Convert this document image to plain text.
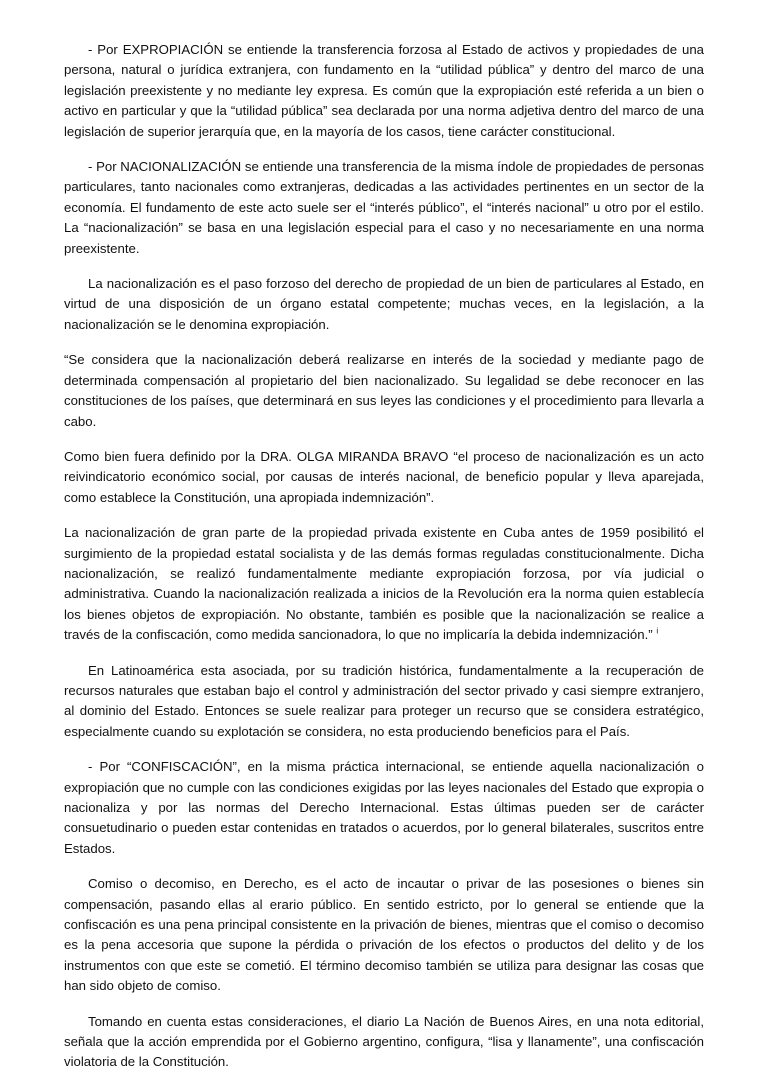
- Por EXPROPIACIÓN se entiende la transferencia forzosa al Estado de activos y propiedades de una persona, natural o jurídica extranjera, con fundamento en la “utilidad pública” y dentro del marco de una legislación preexistente y no mediante ley expresa. Es común que la expropiación esté referida a un bien o activo en particular y que la “utilidad pública” sea declarada por una norma adjetiva dentro del marco de una legislación de superior jerarquía que, en la mayoría de los casos, tiene carácter constitucional.

- Por NACIONALIZACIÓN se entiende una transferencia de la misma índole de propiedades de personas particulares, tanto nacionales como extranjeras, dedicadas a las actividades pertinentes en un sector de la economía. El fundamento de este acto suele ser el “interés público”, el “interés nacional” u otro por el estilo. La “nacionalización” se basa en una legislación especial para el caso y no necesariamente en una norma preexistente.

La nacionalización es el paso forzoso del derecho de propiedad de un bien de particulares al Estado, en virtud de una disposición de un órgano estatal competente; muchas veces, en la legislación, a la nacionalización se le denomina expropiación.

“Se considera que la nacionalización deberá realizarse en interés de la sociedad y mediante pago de determinada compensación al propietario del bien nacionalizado. Su legalidad se debe reconocer en las constituciones de los países, que determinará en sus leyes las condiciones y el procedimiento para llevarla a cabo.

Como bien fuera definido por la DRA. OLGA MIRANDA BRAVO “el proceso de nacionalización es un acto reivindicatorio económico social, por causas de interés nacional, de beneficio popular y lleva aparejada, como establece la Constitución, una apropiada indemnización”.

La nacionalización de gran parte de la propiedad privada existente en Cuba antes de 1959 posibilitó el surgimiento de la propiedad estatal socialista y de las demás formas reguladas constitucionalmente. Dicha nacionalización, se realizó fundamentalmente mediante expropiación forzosa, por vía judicial o administrativa. Cuando la nacionalización realizada a inicios de la Revolución era la norma quien establecía los bienes objetos de expropiación. No obstante, también es posible que la nacionalización se realice a través de la confiscación, como medida sancionadora, lo que no implicaría la debida indemnización.” $^i$

En Latinoamérica esta asociada, por su tradición histórica, fundamentalmente a la recuperación de recursos naturales que estaban bajo el control y administración del sector privado y casi siempre extranjero, al dominio del Estado. Entonces se suele realizar para proteger un recurso que se considera estratégico, especialmente cuando su explotación se considera, no esta produciendo beneficios para el País.

- Por “CONFISCACIÓN”, en la misma práctica internacional, se entiende aquella nacionalización o expropiación que no cumple con las condiciones exigidas por las leyes nacionales del Estado que expropia o nacionaliza y por las normas del Derecho Internacional. Estas últimas pueden ser de carácter consuetudinario o pueden estar contenidas en tratados o acuerdos, por lo general bilaterales, suscritos entre Estados.

Comiso o decomiso, en Derecho, es el acto de incautar o privar de las posesiones o bienes sin compensación, pasando ellas al erario público. En sentido estricto, por lo general se entiende que la confiscación es una pena principal consistente en la privación de bienes, mientras que el comiso o decomiso es la pena accesoria que supone la pérdida o privación de los efectos o productos del delito y de los instrumentos con que este se cometió. El término decomiso también se utiliza para designar las cosas que han sido objeto de comiso.

Tomando en cuenta estas consideraciones, el diario La Nación de Buenos Aires, en una nota editorial, señala que la acción emprendida por el Gobierno argentino, configura, “lisa y llanamente”, una confiscación violatoria de la Constitución.
